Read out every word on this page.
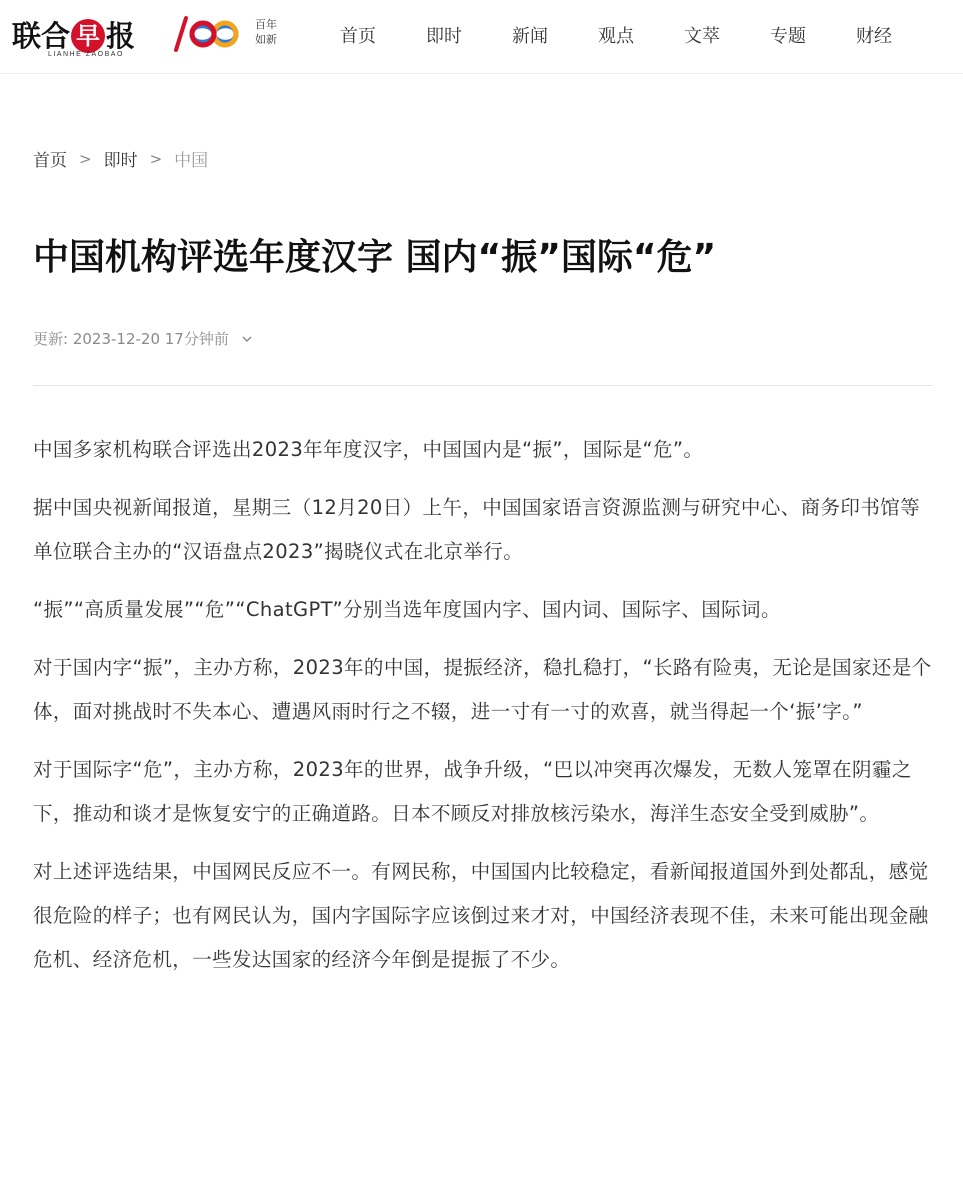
联合 早 报
LIANHE ZAOBAO
100
百年
如新	首页	即时	新闻	观点	文萃	专题	财经
首页 > 即时 > 中国
中国机构评选年度汉字 国内“振”国际“危”
更新: 2023-12-20 17分钟前

中国多家机构联合评选出2023年年度汉字，中国国内是“振”，国际是“危”。

据中国央视新闻报道，星期三（12月20日）上午，中国国家语言资源监测与研究中心、商务印书馆等单位联合主办的“汉语盘点2023”揭晓仪式在北京举行。

“振”“高质量发展”“危”“ChatGPT”分别当选年度国内字、国内词、国际字、国际词。

对于国内字“振”，主办方称，2023年的中国，提振经济，稳扎稳打，“长路有险夷，无论是国家还是个体，面对挑战时不失本心、遭遇风雨时行之不辍，进一寸有一寸的欢喜，就当得起一个‘振’字。”

对于国际字“危”，主办方称，2023年的世界，战争升级，“巴以冲突再次爆发，无数人笼罩在阴霾之下，推动和谈才是恢复安宁的正确道路。日本不顾反对排放核污染水，海洋生态安全受到威胁”。

对上述评选结果，中国网民反应不一。有网民称，中国国内比较稳定，看新闻报道国外到处都乱，感觉很危险的样子；也有网民认为，国内字国际字应该倒过来才对，中国经济表现不佳，未来可能出现金融危机、经济危机，一些发达国家的经济今年倒是提振了不少。
